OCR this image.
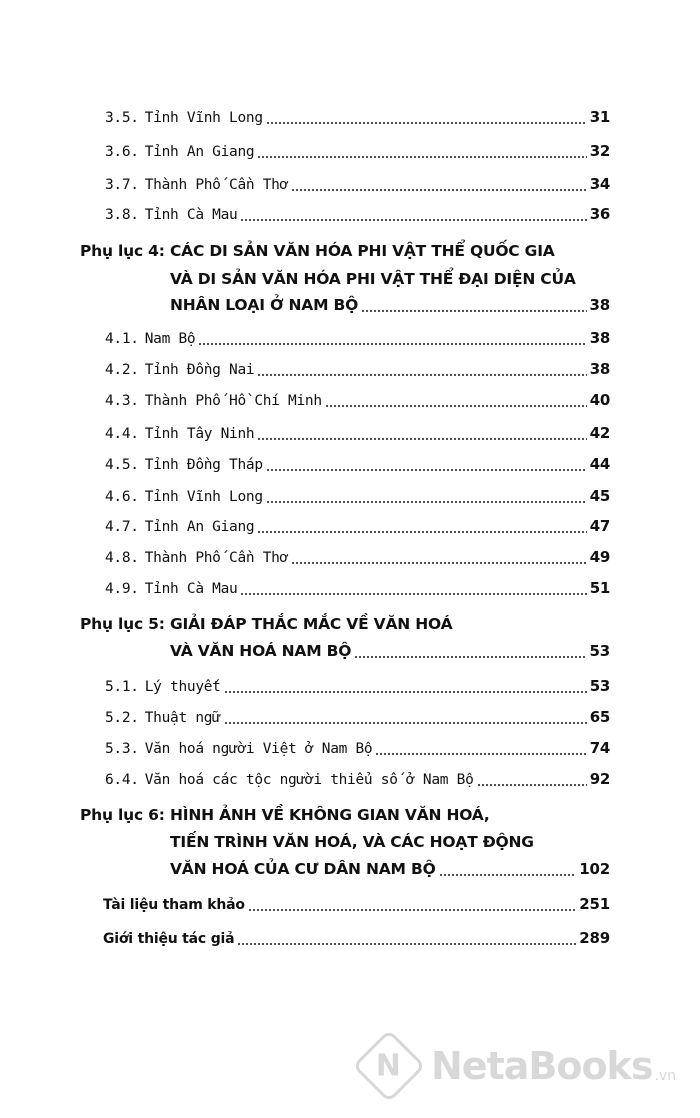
3.5. Tỉnh Vĩnh Long	31
3.6. Tỉnh An Giang	32
3.7. Thành Phố Cần Thơ	34
3.8. Tỉnh Cà Mau	36
Phụ lục 4: CÁC DI SẢN VĂN HÓA PHI VẬT THỂ QUỐC GIA
VÀ DI SẢN VĂN HÓA PHI VẬT THỂ ĐẠI DIỆN CỦA
NHÂN LOẠI Ở NAM BỘ	38
4.1. Nam Bộ	38
4.2. Tỉnh Đồng Nai	38
4.3. Thành Phố Hồ Chí Minh	40
4.4. Tỉnh Tây Ninh	42
4.5. Tỉnh Đồng Tháp	44
4.6. Tỉnh Vĩnh Long	45
4.7. Tỉnh An Giang	47
4.8. Thành Phố Cần Thơ	49
4.9. Tỉnh Cà Mau	51
Phụ lục 5: GIẢI ĐÁP THẮC MẮC VỀ VĂN HOÁ
VÀ VĂN HOÁ NAM BỘ	53
5.1. Lý thuyết	53
5.2. Thuật ngữ	65
5.3. Văn hoá người Việt ở Nam Bộ	74
6.4. Văn hoá các tộc người thiểu số ở Nam Bộ	92
Phụ lục 6: HÌNH ẢNH VỀ KHÔNG GIAN VĂN HOÁ,
TIẾN TRÌNH VĂN HOÁ, VÀ CÁC HOẠT ĐỘNG
VĂN HOÁ CỦA CƯ DÂN NAM BỘ	102
Tài liệu tham khảo	251
Giới thiệu tác giả	289
N NetaBooks .vn
